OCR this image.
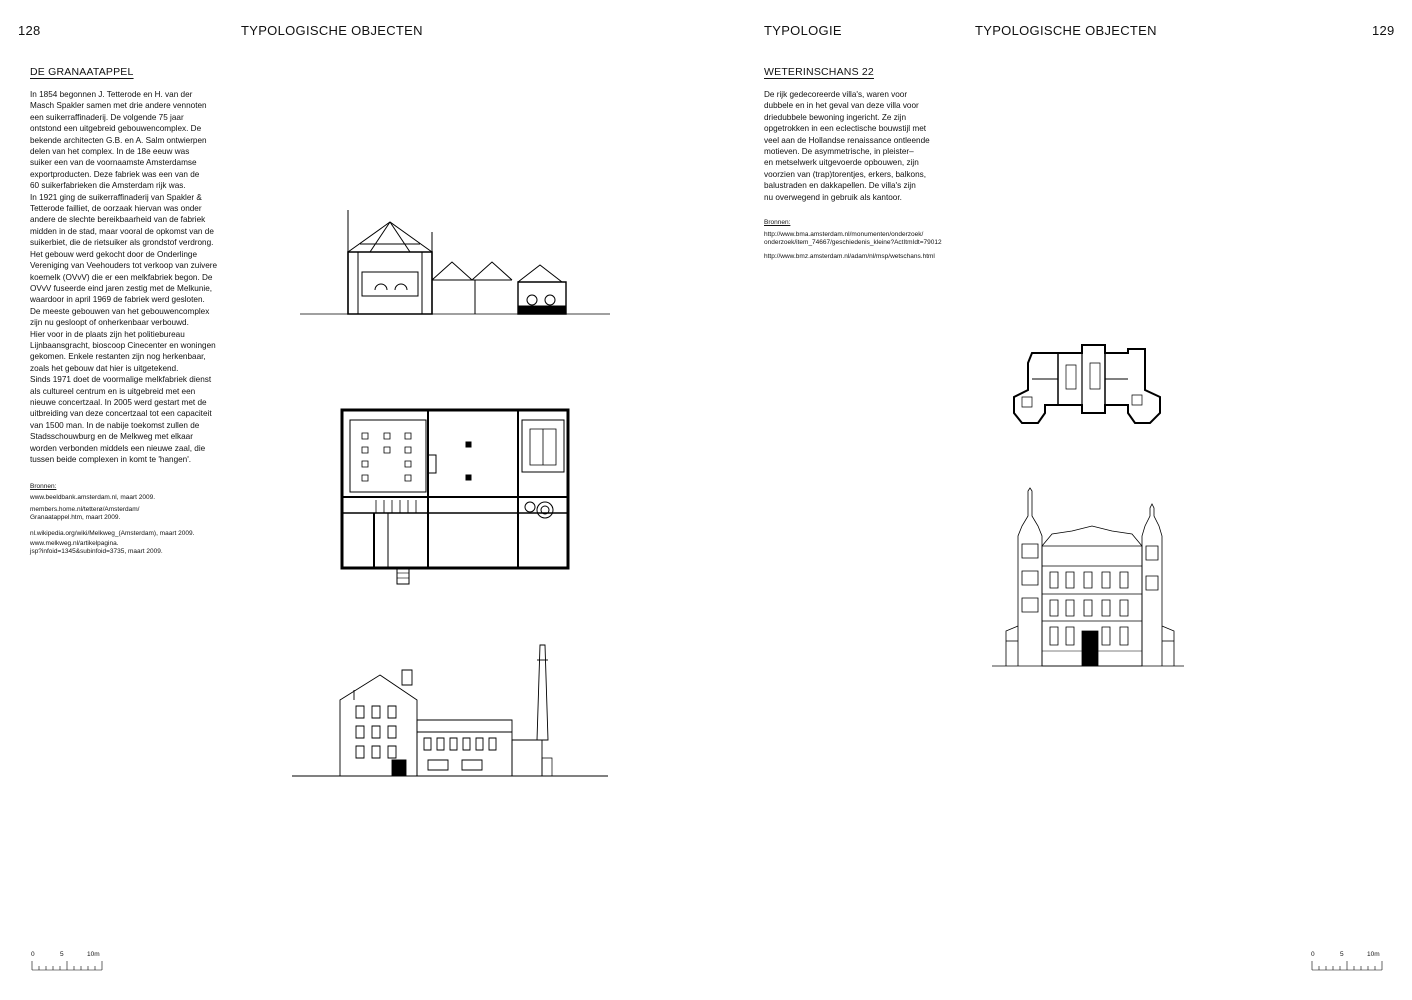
128	TYPOLOGISCHE OBJECTEN
DE GRANAATAPPEL
In 1854 begonnen J. Tetterode en H. van der
Masch Spakler samen met drie andere vennoten
een suikerraffinaderij. De volgende 75 jaar
ontstond een uitgebreid gebouwencomplex. De
bekende architecten G.B. en A. Salm ontwierpen
delen van het complex. In de 18e eeuw was
suiker een van de voornaamste Amsterdamse
exportproducten. Deze fabriek was een van de
60 suikerfabrieken die Amsterdam rijk was.
In 1921 ging de suikerraffinaderij van Spakler &
Tetterode failliet, de oorzaak hiervan was onder
andere de slechte bereikbaarheid van de fabriek
midden in de stad, maar vooral de opkomst van de
suikerbiet, die de rietsuiker als grondstof verdrong.
Het gebouw werd gekocht door de Onderlinge
Vereniging van Veehouders tot verkoop van zuivere
koemelk (OVvV) die er een melkfabriek begon. De
OVvV fuseerde eind jaren zestig met de Melkunie,
waardoor in april 1969 de fabriek werd gesloten.
De meeste gebouwen van het gebouwencomplex
zijn nu gesloopt of onherkenbaar verbouwd.
Hier voor in de plaats zijn het politiebureau
Lijnbaansgracht, bioscoop Cinecenter en woningen
gekomen. Enkele restanten zijn nog herkenbaar,
zoals het gebouw dat hier is uitgetekend.
Sinds 1971 doet de voormalige melkfabriek dienst
als cultureel centrum en is uitgebreid met een
nieuwe concertzaal. In 2005 werd gestart met de
uitbreiding van deze concertzaal tot een capaciteit
van 1500 man. In de nabije toekomst zullen de
Stadsschouwburg en de Melkweg met elkaar
worden verbonden middels een nieuwe zaal, die
tussen beide complexen in komt te 'hangen'.
Bronnen:
www.beeldbank.amsterdam.nl, maart 2009.
members.home.nl/tetterø/Amsterdam/
Granaatappel.htm, maart 2009.
nl.wikipedia.org/wiki/Melkweg_(Amsterdam), maart 2009.
www.melkweg.nl/artikelpagina.
jsp?infoid=1345&subinfoid=3735, maart 2009.
0	5	10m
TYPOLOGIE	TYPOLOGISCHE OBJECTEN	129
WETERINSCHANS 22
De rijk gedecoreerde villa's, waren voor
dubbele en in het geval van deze villa voor
driedubbele bewoning ingericht. Ze zijn
opgetrokken in een eclectische bouwstijl met
veel aan de Hollandse renaissance ontleende
motieven. De asymmetrische, in pleister–
en metselwerk uitgevoerde opbouwen, zijn
voorzien van (trap)torentjes, erkers, balkons,
balustraden en dakkapellen. De villa's zijn
nu overwegend in gebruik als kantoor.
Bronnen:
http://www.bma.amsterdam.nl/monumenten/onderzoek/
onderzoek/item_74667/geschiedenis_kleine?ActItmIdt=79012
http://www.bmz.amsterdam.nl/adam/nl/msp/wetschans.html
0	5	10m
